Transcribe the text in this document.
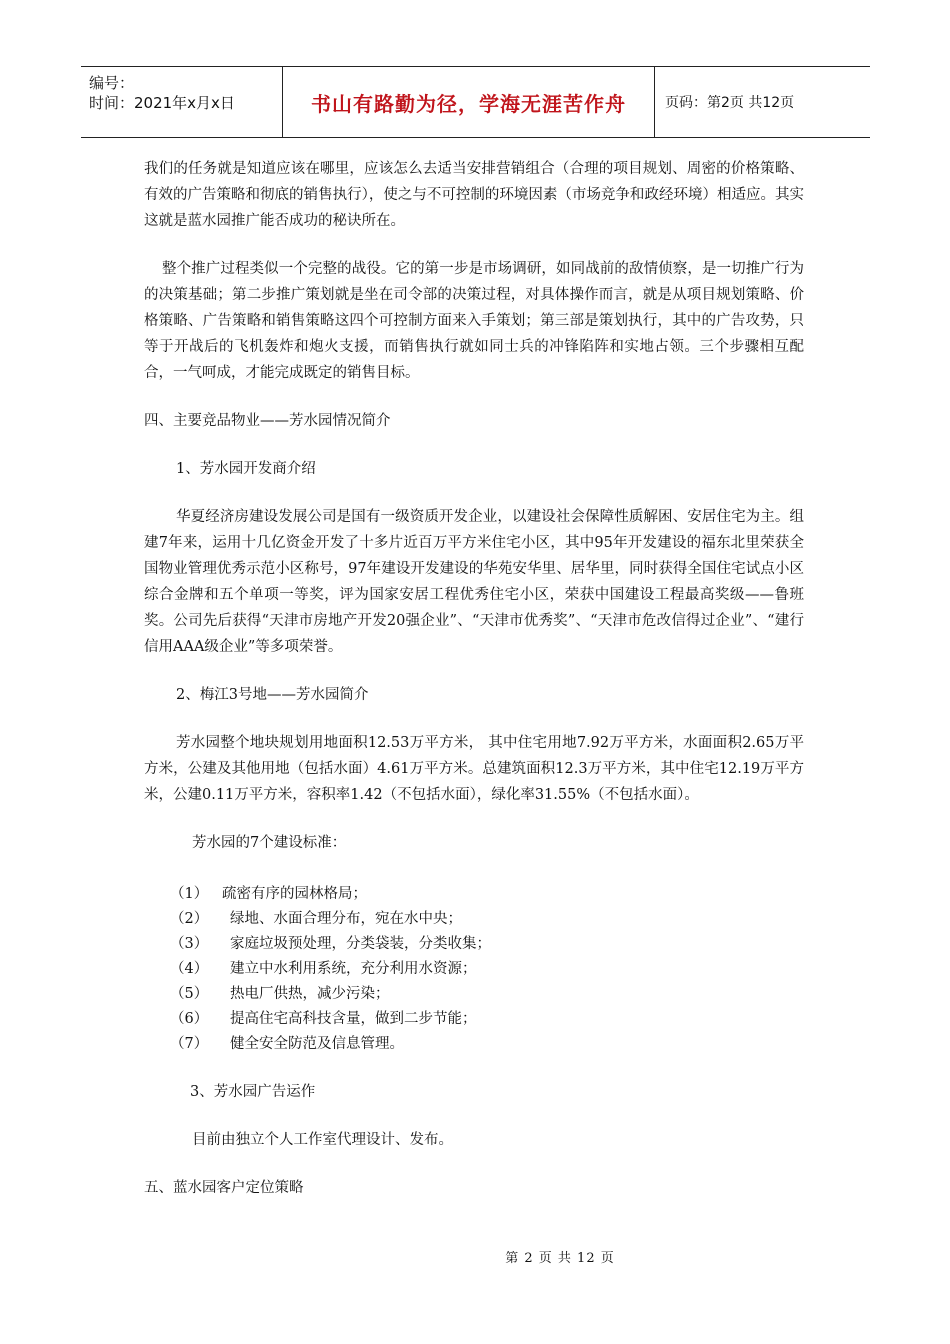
编号：
时间：2021年x月x日	书山有路勤为径，学海无涯苦作舟	页码：第2页 共12页

我们的任务就是知道应该在哪里，应该怎么去适当安排营销组合（合理的项目规划、周密的价格策略、有效的广告策略和彻底的销售执行），使之与不可控制的环境因素（市场竞争和政经环境）相适应。其实这就是蓝水园推广能否成功的秘诀所在。

整个推广过程类似一个完整的战役。它的第一步是市场调研，如同战前的敌情侦察，是一切推广行为的决策基础；第二步推广策划就是坐在司令部的决策过程，对具体操作而言，就是从项目规划策略、价格策略、广告策略和销售策略这四个可控制方面来入手策划；第三部是策划执行，其中的广告攻势，只等于开战后的飞机轰炸和炮火支援，而销售执行就如同士兵的冲锋陷阵和实地占领。三个步骤相互配合，一气呵成，才能完成既定的销售目标。

四、主要竞品物业——芳水园情况简介

1、芳水园开发商介绍

华夏经济房建设发展公司是国有一级资质开发企业，以建设社会保障性质解困、安居住宅为主。组建7年来，运用十几亿资金开发了十多片近百万平方米住宅小区，其中95年开发建设的福东北里荣获全国物业管理优秀示范小区称号，97年建设开发建设的华苑安华里、居华里，同时获得全国住宅试点小区综合金牌和五个单项一等奖，评为国家安居工程优秀住宅小区，荣获中国建设工程最高奖级——鲁班奖。公司先后获得“天津市房地产开发20强企业”、“天津市优秀奖”、“天津市危改信得过企业”、“建行信用AAA级企业”等多项荣誉。

2、梅江3号地——芳水园简介

芳水园整个地块规划用地面积12.53万平方米， 其中住宅用地7.92万平方米，水面面积2.65万平方米，公建及其他用地（包括水面）4.61万平方米。总建筑面积12.3万平方米，其中住宅12.19万平方米，公建0.11万平方米，容积率1.42（不包括水面），绿化率31.55%（不包括水面）。

芳水园的7个建设标准：

（1） 疏密有序的园林格局；
（2）	绿地、水面合理分布，宛在水中央；
（3）	家庭垃圾预处理，分类袋装，分类收集；
（4）	建立中水利用系统，充分利用水资源；
（5）	热电厂供热，减少污染；
（6）	提高住宅高科技含量，做到二步节能；
（7）	健全安全防范及信息管理。

3、芳水园广告运作

目前由独立个人工作室代理设计、发布。

五、蓝水园客户定位策略

第 2 页 共 12 页
